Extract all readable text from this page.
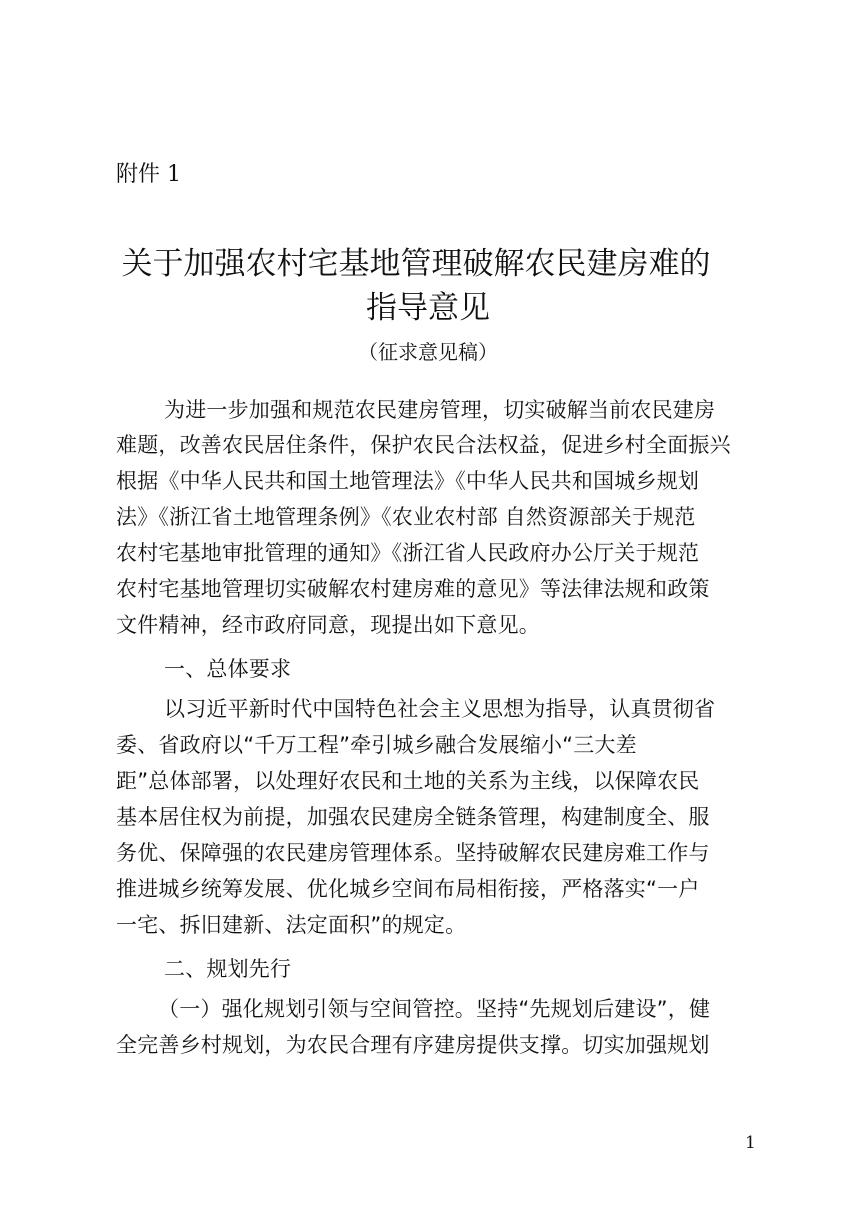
附件 1
关于加强农村宅基地管理破解农民建房难的
指导意见
（征求意见稿）
为进一步加强和规范农民建房管理，切实破解当前农民建房
难题，改善农民居住条件，保护农民合法权益，促进乡村全面振兴
根据《中华人民共和国土地管理法》《中华人民共和国城乡规划
法》《浙江省土地管理条例》《农业农村部 自然资源部关于规范
农村宅基地审批管理的通知》《浙江省人民政府办公厅关于规范
农村宅基地管理切实破解农村建房难的意见》等法律法规和政策
文件精神，经市政府同意，现提出如下意见。
一、总体要求
以习近平新时代中国特色社会主义思想为指导，认真贯彻省
委、省政府以“千万工程”牵引城乡融合发展缩小“三大差
距”总体部署，以处理好农民和土地的关系为主线，以保障农民
基本居住权为前提，加强农民建房全链条管理，构建制度全、服
务优、保障强的农民建房管理体系。坚持破解农民建房难工作与
推进城乡统筹发展、优化城乡空间布局相衔接，严格落实“一户
一宅、拆旧建新、法定面积”的规定。
二、规划先行
（一）强化规划引领与空间管控。坚持“先规划后建设”，健
全完善乡村规划，为农民合理有序建房提供支撑。切实加强规划
1
